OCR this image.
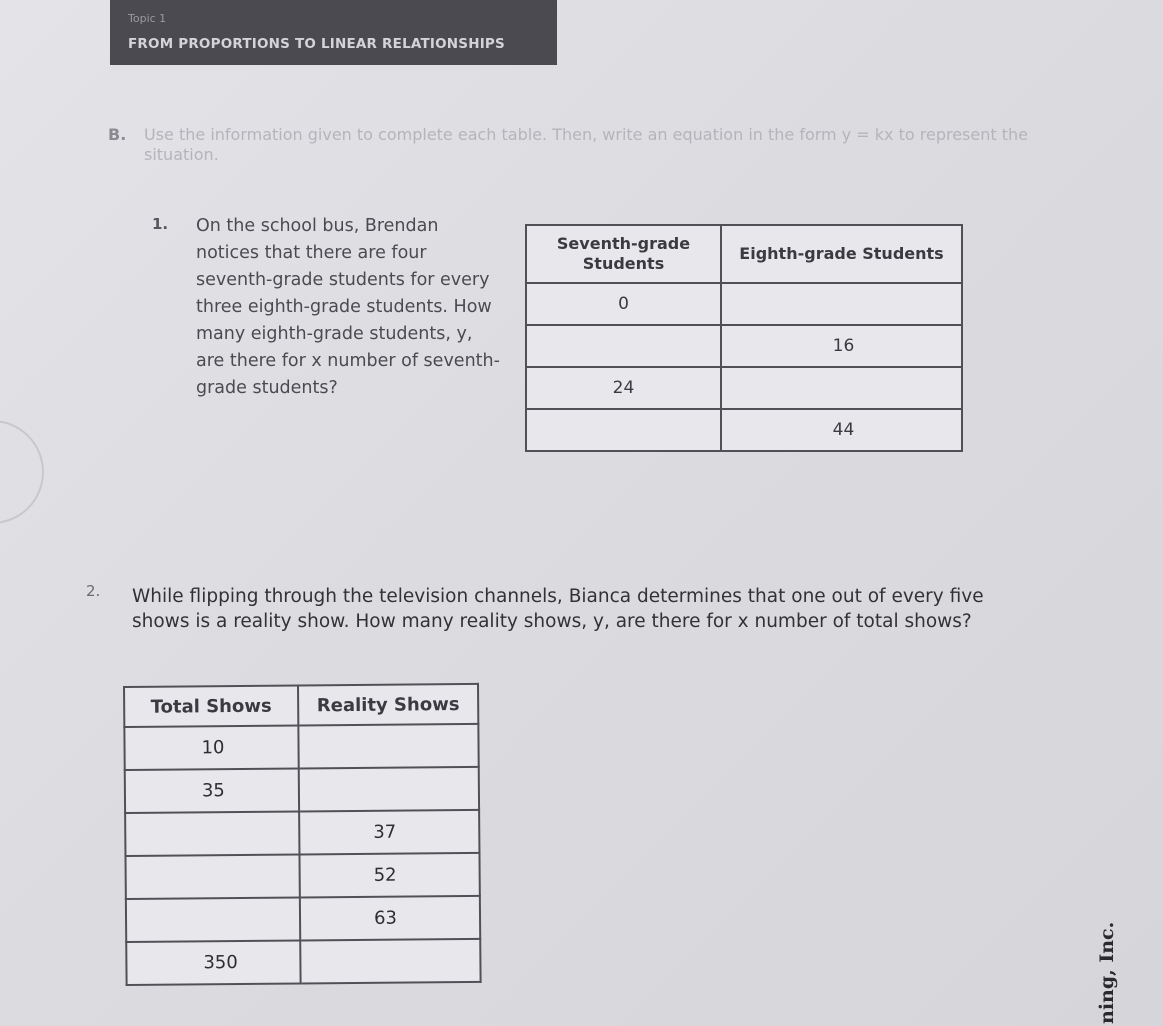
Topic 1
FROM PROPORTIONS TO LINEAR RELATIONSHIPS
B. Use the information given to complete each table. Then, write an equation in the form y = kx to represent the situation.
1. On the school bus, Brendan notices that there are four seventh-grade students for every three eighth-grade students. How many eighth-grade students, y, are there for x number of seventh-grade students?
Seventh-grade Students	Eighth-grade Students
0	
	16
24	
	44
2. While flipping through the television channels, Bianca determines that one out of every five shows is a reality show. How many reality shows, y, are there for x number of total shows?
Total Shows	Reality Shows
10	
35	
	37
	52
	63
350		ning, Inc.
